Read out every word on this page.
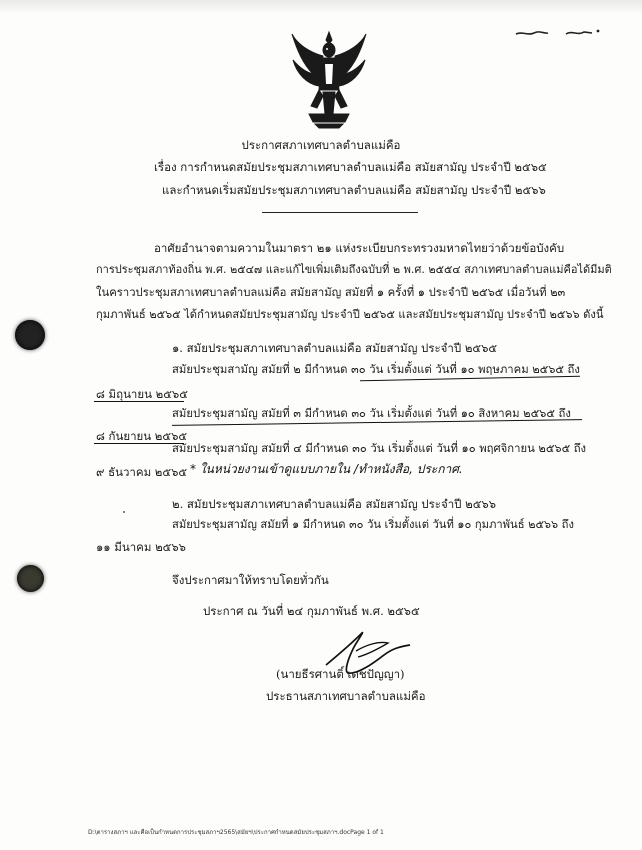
ประกาศสภาเทศบาลตำบลแม่คือ
เรื่อง การกำหนดสมัยประชุมสภาเทศบาลตำบลแม่คือ สมัยสามัญ ประจำปี ๒๕๖๕
และกำหนดเริ่มสมัยประชุมสภาเทศบาลตำบลแม่คือ สมัยสามัญ ประจำปี ๒๕๖๖
อาศัยอำนาจตามความในมาตรา ๒๑ แห่งระเบียบกระทรวงมหาดไทยว่าด้วยข้อบังคับ
การประชุมสภาท้องถิ่น พ.ศ. ๒๕๔๗ และแก้ไขเพิ่มเติมถึงฉบับที่ ๒ พ.ศ. ๒๕๕๔ สภาเทศบาลตำบลแม่คือได้มีมติ
ในคราวประชุมสภาเทศบาลตำบลแม่คือ สมัยสามัญ สมัยที่ ๑ ครั้งที่ ๑ ประจำปี ๒๕๖๕ เมื่อวันที่ ๒๓
กุมภาพันธ์ ๒๕๖๕ ได้กำหนดสมัยประชุมสามัญ ประจำปี ๒๕๖๕ และสมัยประชุมสามัญ ประจำปี ๒๕๖๖ ดังนี้
๑. สมัยประชุมสภาเทศบาลตำบลแม่คือ สมัยสามัญ ประจำปี ๒๕๖๕
สมัยประชุมสามัญ สมัยที่ ๒ มีกำหนด ๓๐ วัน เริ่มตั้งแต่ วันที่ ๑๐ พฤษภาคม ๒๕๖๕ ถึง
๘ มิถุนายน ๒๕๖๕
สมัยประชุมสามัญ สมัยที่ ๓ มีกำหนด ๓๐ วัน เริ่มตั้งแต่ วันที่ ๑๐ สิงหาคม ๒๕๖๕ ถึง
๘ กันยายน ๒๕๖๕
สมัยประชุมสามัญ สมัยที่ ๔ มีกำหนด ๓๐ วัน เริ่มตั้งแต่ วันที่ ๑๐ พฤศจิกายน ๒๕๖๕ ถึง
๙ ธันวาคม ๒๕๖๕ * ในหน่วยงานเข้าดูแบบภายใน /ทำหนังสือ, ประกาศ.
๒. สมัยประชุมสภาเทศบาลตำบลแม่คือ สมัยสามัญ ประจำปี ๒๕๖๖
สมัยประชุมสามัญ สมัยที่ ๑ มีกำหนด ๓๐ วัน เริ่มตั้งแต่ วันที่ ๑๐ กุมภาพันธ์ ๒๕๖๖ ถึง
๑๑ มีนาคม ๒๕๖๖
จึงประกาศมาให้ทราบโดยทั่วกัน
ประกาศ ณ วันที่ ๒๔ กุมภาพันธ์ พ.ศ. ๒๕๖๕
(นายธีรศานติ์ เดชปัญญา)
ประธานสภาเทศบาลตำบลแม่คือ
D:\ตารางสภาฯ และคือเป็นกำหนดการประชุมสภาฯ2565\สมัยฯ\ประกาศกำหนดสมัยประชุมสภาฯ.docPage 1 of 1
